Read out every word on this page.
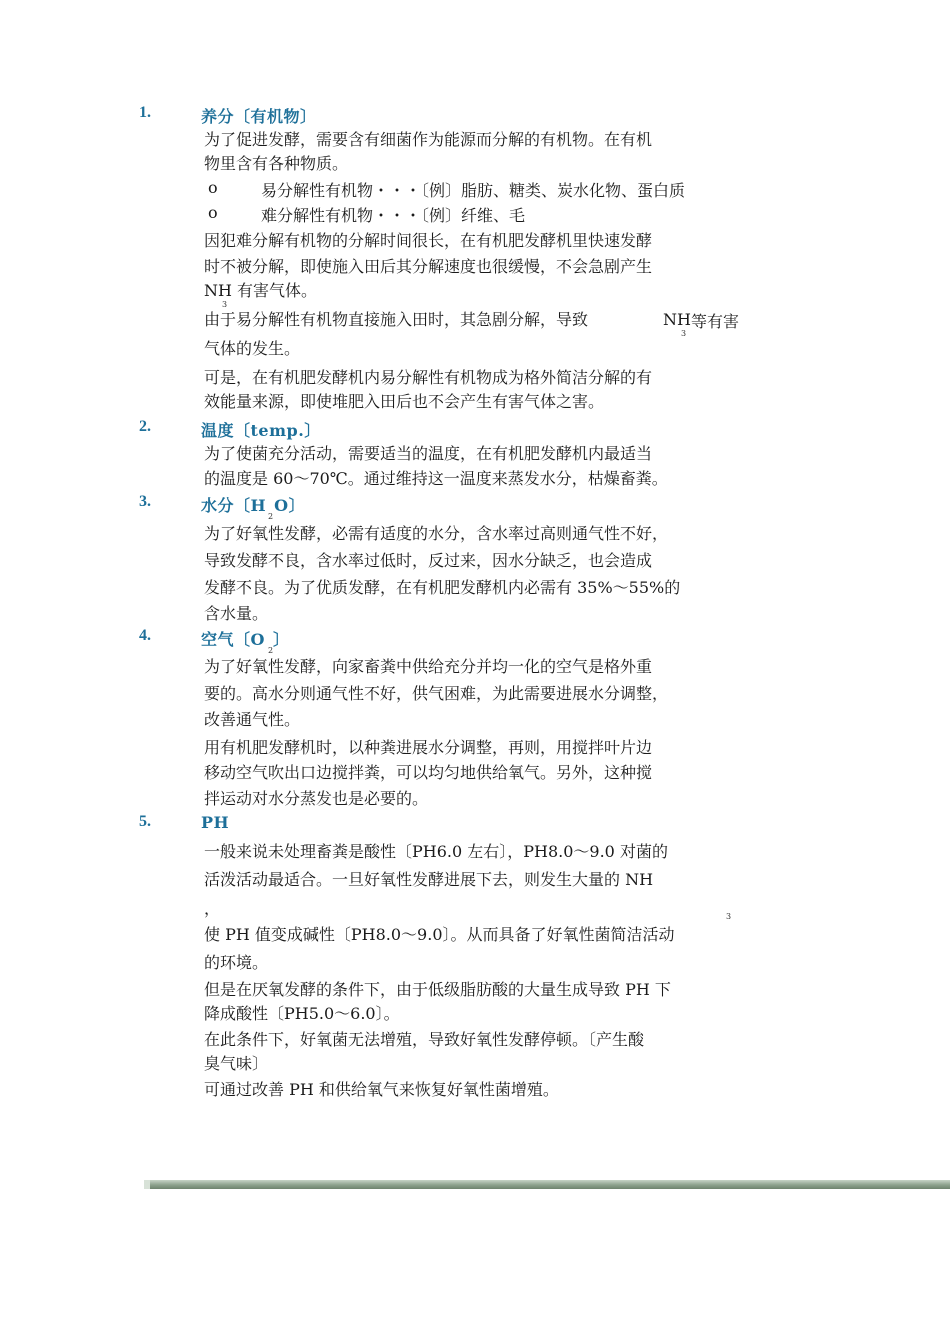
1.	养分〔有机物〕
为了促进发酵，需要含有细菌作为能源而分解的有机物。在有机
物里含有各种物质。
o	易分解性有机物・・・〔例〕脂肪、糖类、炭水化物、蛋白质
o	难分解性有机物・・・〔例〕纤维、毛
因犯难分解有机物的分解时间很长，在有机肥发酵机里快速发酵
时不被分解，即使施入田后其分解速度也很缓慢，不会急剧产生
NH 有害气体。
3
由于易分解性有机物直接施入田时，其急剧分解，导致	NH
3
等有害
气体的发生。
可是，在有机肥发酵机内易分解性有机物成为格外简洁分解的有
效能量来源，即使堆肥入田后也不会产生有害气体之害。
2.	温度〔temp.〕
为了使菌充分活动，需要适当的温度，在有机肥发酵机内最适当
的温度是 60～70℃。通过维持这一温度来蒸发水分，枯燥畜粪。
3.	水分〔H O〕
2
为了好氧性发酵，必需有适度的水分，含水率过高则通气性不好，
导致发酵不良，含水率过低时，反过来，因水分缺乏，也会造成
发酵不良。为了优质发酵，在有机肥发酵机内必需有 35%～55%的
含水量。
4.	空气〔O 〕
2
为了好氧性发酵，向家畜粪中供给充分并均一化的空气是格外重
要的。高水分则通气性不好，供气困难，为此需要进展水分调整，
改善通气性。
用有机肥发酵机时，以种粪进展水分调整，再则，用搅拌叶片边
移动空气吹出口边搅拌粪，可以均匀地供给氧气。另外，这种搅
拌运动对水分蒸发也是必要的。
5.	PH
一般来说未处理畜粪是酸性〔PH6.0 左右〕，PH8.0～9.0 对菌的
活泼活动最适合。一旦好氧性发酵进展下去，则发生大量的 NH
，	3
使 PH 值变成碱性〔PH8.0～9.0〕。从而具备了好氧性菌简洁活动
的环境。
但是在厌氧发酵的条件下，由于低级脂肪酸的大量生成导致 PH 下
降成酸性〔PH5.0～6.0〕。
在此条件下，好氧菌无法增殖，导致好氧性发酵停顿。〔产生酸
臭气味〕
可通过改善 PH 和供给氧气来恢复好氧性菌增殖。
